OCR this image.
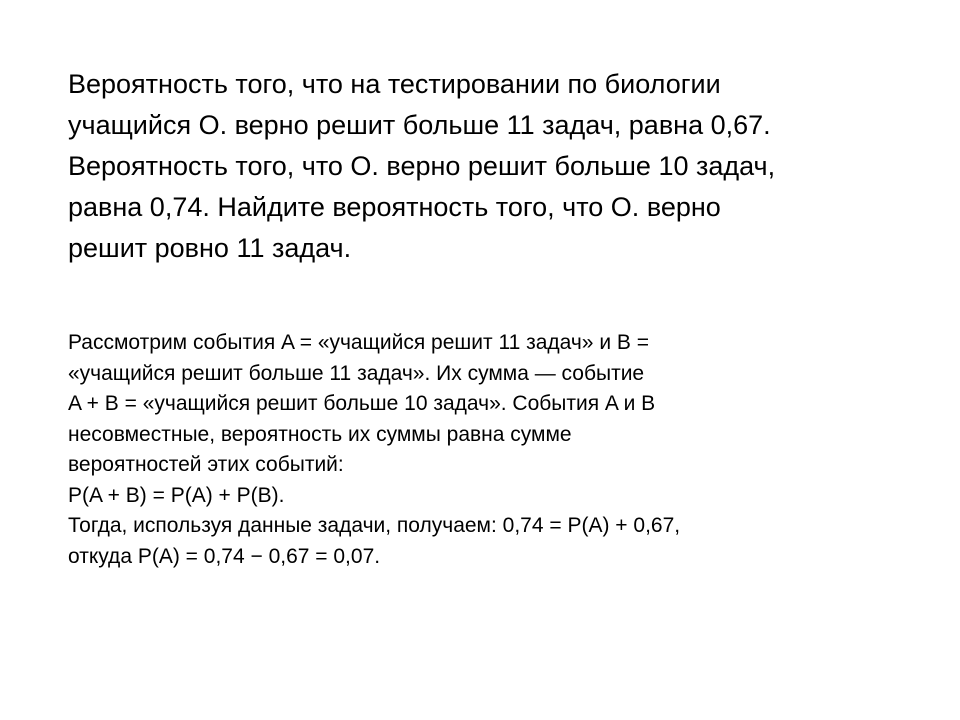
Вероятность того, что на тестировании по биологии
учащийся О. верно решит больше 11 задач, равна 0,67.
Вероятность того, что О. верно решит больше 10 задач,
равна 0,74. Найдите вероятность того, что О. верно
решит ровно 11 задач.
Рассмотрим события A = «учащийся решит 11 задач» и В =
«учащийся решит больше 11 задач». Их сумма — событие
A + B = «учащийся решит больше 10 задач». События A и В
несовместные, вероятность их суммы равна сумме
вероятностей этих событий:
P(A + B) = P(A) + P(B).
Тогда, используя данные задачи, получаем: 0,74 = P(A) + 0,67,
откуда P(A) = 0,74 − 0,67 = 0,07.
